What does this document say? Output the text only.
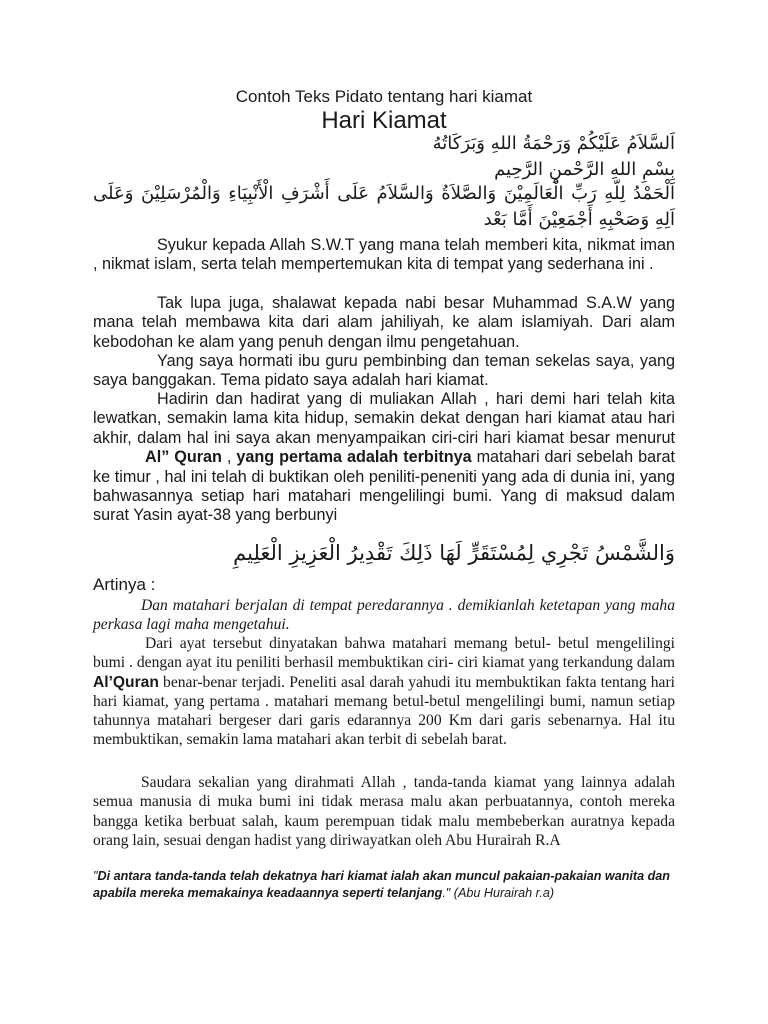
Contoh Teks Pidato tentang hari kiamat
Hari Kiamat
اَلسَّلاَمُ عَلَيْكُمْ وَرَحْمَةُ اللهِ وَبَرَكَاتُهُ
بِسْمِ اللهِ الرَّحْمنِ الرَّحِيم
اَلْحَمْدُ لِلّهِ رَبِّ الْعَالَمِيْنَ وَالصَّلاَةُ وَالسَّلاَمُ عَلَى أَشْرَفِ الْأَنْبِيَاءِ وَالْمُرْسَلِيْنَ وَعَلَى
اَلِهِ وَصَحْبِهِ أَجْمَعِيْنَ أَمَّا بَعْد
Syukur kepada Allah S.W.T yang mana telah memberi kita, nikmat iman , nikmat islam, serta telah mempertemukan kita di tempat yang sederhana ini .
Tak lupa juga, shalawat kepada nabi besar Muhammad S.A.W yang mana telah membawa kita dari alam jahiliyah, ke alam islamiyah. Dari alam kebodohan ke alam yang penuh dengan ilmu pengetahuan.
Yang saya hormati ibu guru pembinbing dan teman sekelas saya, yang saya banggakan. Tema pidato saya adalah hari kiamat.
Hadirin dan hadirat yang di muliakan Allah , hari demi hari telah kita lewatkan, semakin lama kita hidup, semakin dekat dengan hari kiamat atau hari akhir, dalam hal ini saya akan menyampaikan ciri-ciri hari kiamat besar menurutAl” Quran , yang pertama adalah terbitnya matahari dari sebelah barat ke timur , hal ini telah di buktikan oleh peniliti-peneniti yang ada di dunia ini, yang bahwasannya setiap hari matahari mengelilingi bumi. Yang di maksud dalam surat Yasin ayat-38 yang berbunyi
وَالشَّمْسُ تَجْرِي لِمُسْتَقَرٍّ لَهَا ذَلِكَ تَقْدِيرُ الْعَزِيزِ الْعَلِيمِ
Artinya :
Dan matahari berjalan di tempat peredarannya . demikianlah ketetapan yang maha perkasa lagi maha mengetahui.
Dari ayat tersebut dinyatakan bahwa matahari memang betul- betul mengelilingi bumi . dengan ayat itu peniliti berhasil membuktikan ciri- ciri kiamat yang terkandung dalam Al’Quran benar-benar terjadi. Peneliti asal darah yahudi itu membuktikan fakta tentang hari hari kiamat, yang pertama . matahari memang betul-betul mengelilingi bumi, namun setiap tahunnya matahari bergeser dari garis edarannya 200 Km dari garis sebenarnya. Hal itu membuktikan, semakin lama matahari akan terbit di sebelah barat.
Saudara sekalian yang dirahmati Allah , tanda-tanda kiamat yang lainnya adalah semua manusia di muka bumi ini tidak merasa malu akan perbuatannya, contoh mereka bangga ketika berbuat salah, kaum perempuan tidak malu membeberkan auratnya kepada orang lain, sesuai dengan hadist yang diriwayatkan oleh Abu Hurairah R.A
"Di antara tanda-tanda telah dekatnya hari kiamat ialah akan muncul pakaian-pakaian wanita dan apabila mereka memakainya keadaannya seperti telanjang." (Abu Hurairah r.a)
